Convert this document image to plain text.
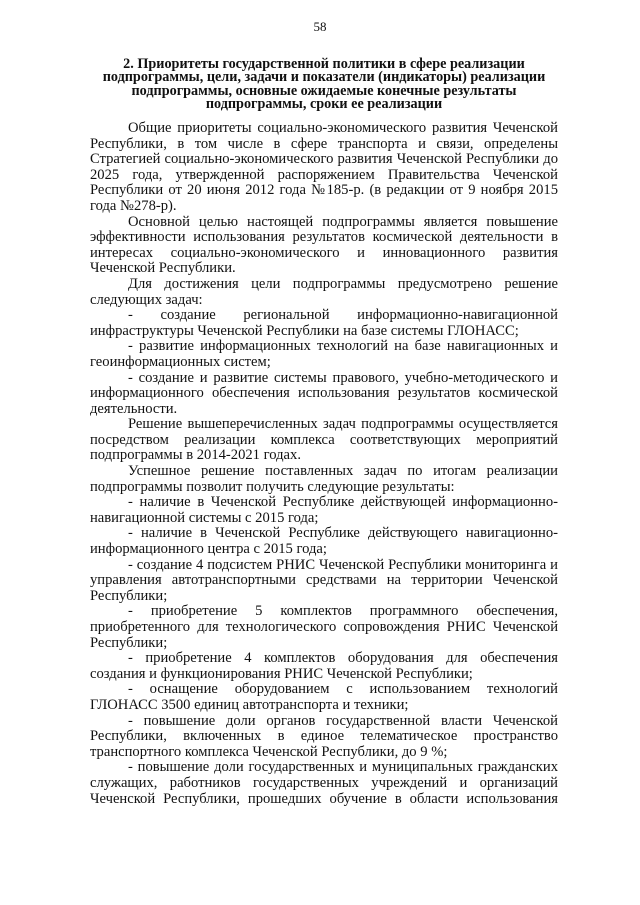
58
2. Приоритеты государственной политики в сфере реализации подпрограммы, цели, задачи и показатели (индикаторы) реализации подпрограммы, основные ожидаемые конечные результаты подпрограммы, сроки ее реализации

Общие приоритеты социально-экономического развития Чеченской Республики, в том числе в сфере транспорта и связи, определены Стратегией социально-экономического развития Чеченской Республики до 2025 года, утвержденной распоряжением Правительства Чеченской Республики от 20 июня 2012 года №185-р. (в редакции от 9 ноября 2015 года №278-р).

Основной целью настоящей подпрограммы является повышение эффективности использования результатов космической деятельности в интересах социально-экономического и инновационного развития Чеченской Республики.

Для достижения цели подпрограммы предусмотрено решение следующих задач:

- создание региональной информационно-навигационной инфраструктуры Чеченской Республики на базе системы ГЛОНАСС;

- развитие информационных технологий на базе навигационных и геоинформационных систем;

- создание и развитие системы правового, учебно-методического и информационного обеспечения использования результатов космической деятельности.

Решение вышеперечисленных задач подпрограммы осуществляется посредством реализации комплекса соответствующих мероприятий подпрограммы в 2014-2021 годах.

Успешное решение поставленных задач по итогам реализации подпрограммы позволит получить следующие результаты:

- наличие в Чеченской Республике действующей информационно-навигационной системы с 2015 года;

- наличие в Чеченской Республике действующего навигационно-информационного центра с 2015 года;

- создание 4 подсистем РНИС Чеченской Республики мониторинга и управления автотранспортными средствами на территории Чеченской Республики;

- приобретение 5 комплектов программного обеспечения, приобретенного для технологического сопровождения РНИС Чеченской Республики;

- приобретение 4 комплектов оборудования для обеспечения создания и функционирования РНИС Чеченской Республики;

- оснащение оборудованием с использованием технологий ГЛОНАСС 3500 единиц автотранспорта и техники;

- повышение доли органов государственной власти Чеченской Республики, включенных в единое телематическое пространство транспортного комплекса Чеченской Республики, до 9 %;

- повышение доли государственных и муниципальных гражданских служащих, работников государственных учреждений и организаций Чеченской Республики, прошедших обучение в области использования
